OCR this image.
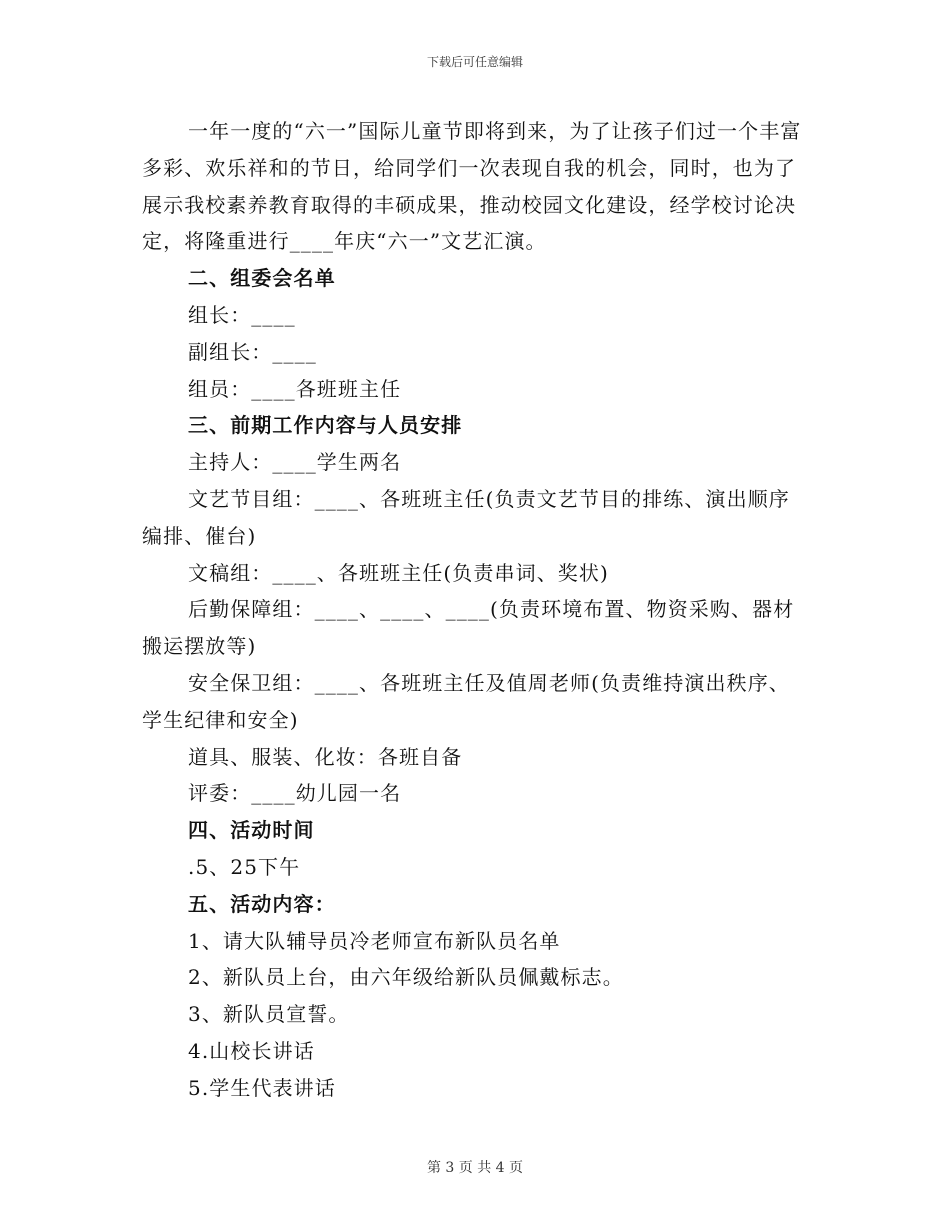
下载后可任意编辑

一年一度的“六一”国际儿童节即将到来，为了让孩子们过一个丰富多彩、欢乐祥和的节日，给同学们一次表现自我的机会，同时，也为了展示我校素养教育取得的丰硕成果，推动校园文化建设，经学校讨论决定，将隆重进行____年庆“六一”文艺汇演。

二、组委会名单

组长：____

副组长：____

组员：____各班班主任

三、前期工作内容与人员安排

主持人：____学生两名

文艺节目组：____、各班班主任(负责文艺节目的排练、演出顺序编排、催台)

文稿组：____、各班班主任(负责串词、奖状)

后勤保障组：____、____、____(负责环境布置、物资采购、器材搬运摆放等)

安全保卫组：____、各班班主任及值周老师(负责维持演出秩序、学生纪律和安全)

道具、服装、化妆：各班自备

评委：____幼儿园一名

四、活动时间

.5、25下午

五、活动内容：

1、请大队辅导员冷老师宣布新队员名单

2、新队员上台，由六年级给新队员佩戴标志。

3、新队员宣誓。

4.山校长讲话

5.学生代表讲话

第 3 页 共 4 页
